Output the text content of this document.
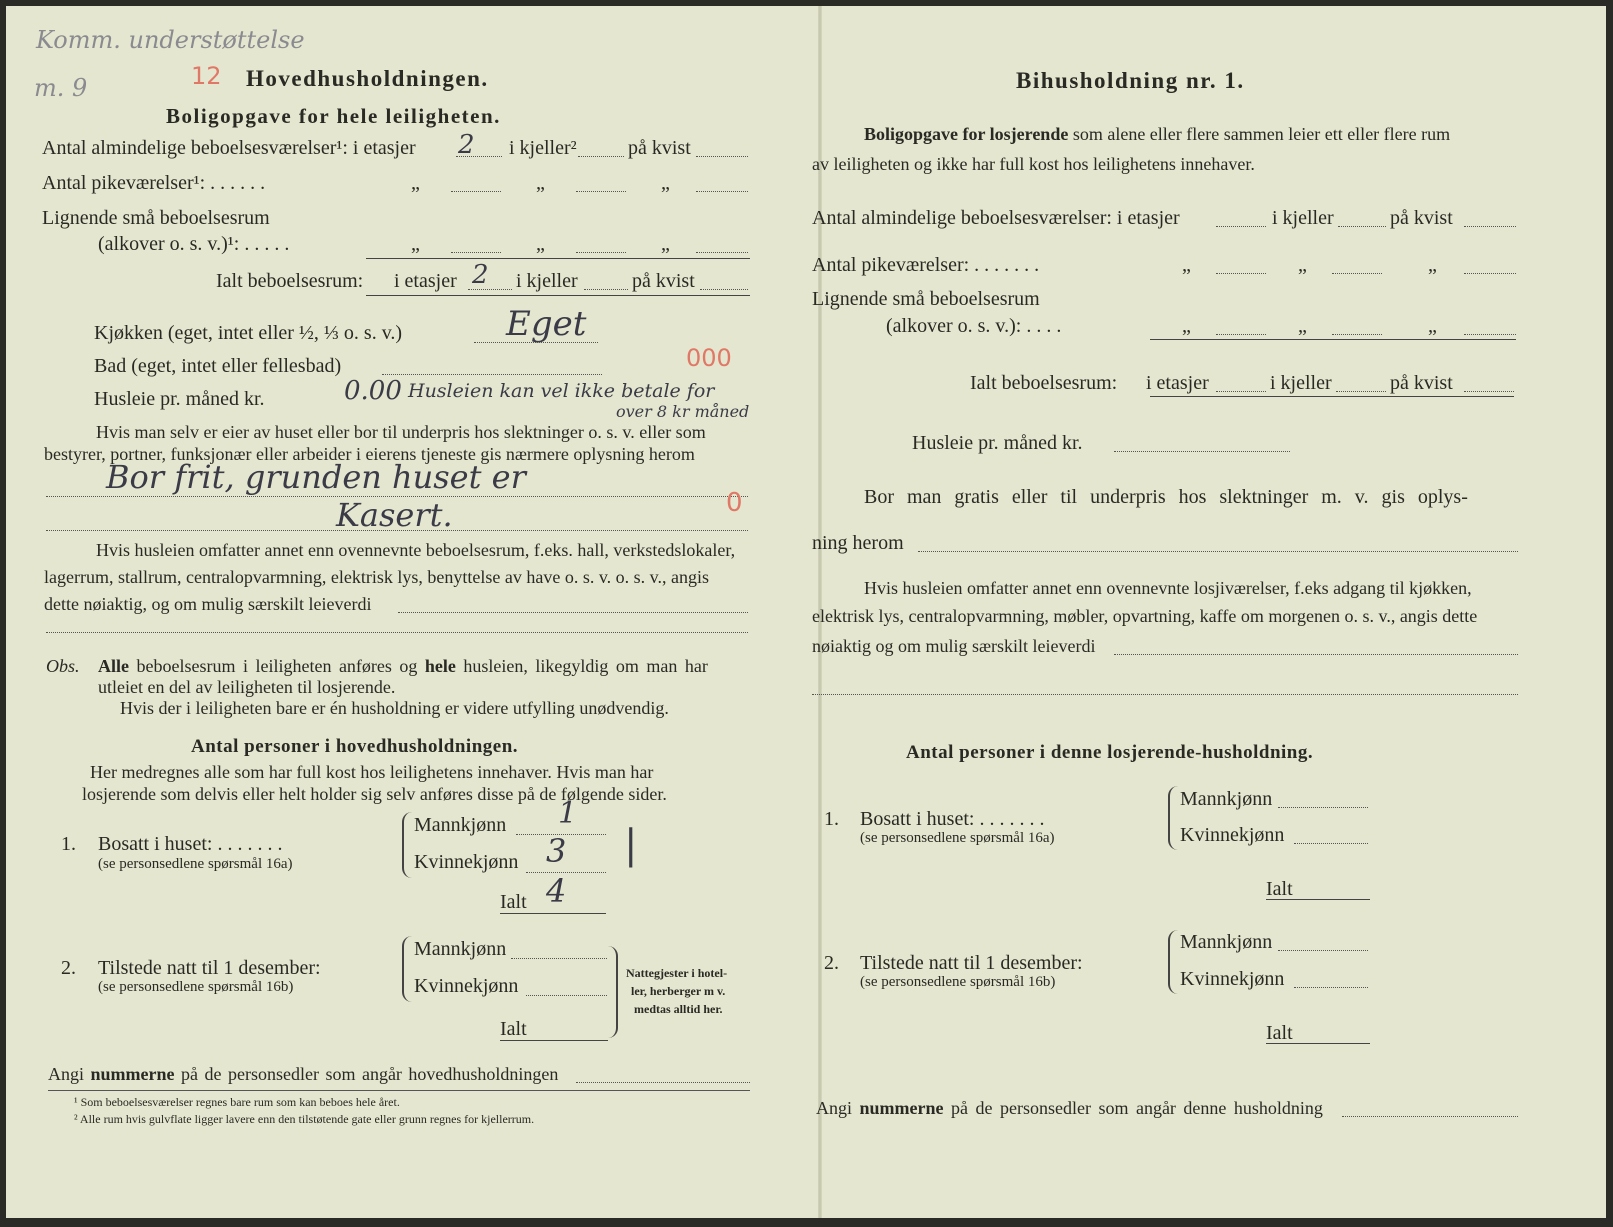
Komm. understøttelse
m. 9	12 Hovedhusholdningen.
Boligopgave for hele leiligheten.
Antal almindelige beboelsesværelser¹: i etasjer 2 i kjeller²	på kvist
Antal pikeværelser¹: . . . . . .	„	„	„
Lignende små beboelsesrum
(alkover o. s. v.)¹: . . . . .	„	„	„
Ialt beboelsesrum: i etasjer 2 i kjeller	på kvist
Kjøkken (eget, intet eller ½, ⅓ o. s. v.)	Eget
Bad (eget, intet eller fellesbad)	000
Husleie pr. måned kr.	0.00 Husleien kan vel ikke betale for
over 8 kr måned
Hvis man selv er eier av huset eller bor til underpris hos slektninger o. s. v. eller som
bestyrer, portner, funksjonær eller arbeider i eierens tjeneste gis nærmere oplysning herom
Bor frit, grunden huset er
Kasert.	0
Hvis husleien omfatter annet enn ovennevnte beboelsesrum, f.eks. hall, verkstedslokaler,
lagerrum, stallrum, centralopvarmning, elektrisk lys, benyttelse av have o. s. v. o. s. v., angis
dette nøiaktig, og om mulig særskilt leieverdi
Obs. Alle beboelsesrum i leiligheten anføres og hele husleien, likegyldig om man har
utleiet en del av leiligheten til losjerende.
Hvis der i leiligheten bare er én husholdning er videre utfylling unødvendig.
Antal personer i hovedhusholdningen.
Her medregnes alle som har full kost hos leilighetens innehaver. Hvis man har
losjerende som delvis eller helt holder sig selv anføres disse på de følgende sider.
1. Bosatt i huset: . . . . . . .
(se personsedlene spørsmål 16a)
Mannkjønn 1
Kvinnekjønn 3 |
Ialt 4
2. Tilstede natt til 1 desember:
(se personsedlene spørsmål 16b)
Mannkjønn
Kvinnekjønn
Ialt
Nattegjester i hotel-
ler, herberger m v.
medtas alltid her.
Angi nummerne på de personsedler som angår hovedhusholdningen
¹ Som beboelsesværelser regnes bare rum som kan beboes hele året.
² Alle rum hvis gulvflate ligger lavere enn den tilstøtende gate eller grunn regnes for kjellerrum.
Bihusholdning nr. 1.
Boligopgave for losjerende som alene eller flere sammen leier ett eller flere rum
av leiligheten og ikke har full kost hos leilighetens innehaver.
Antal almindelige beboelsesværelser: i etasjer	i kjeller	på kvist
Antal pikeværelser: . . . . . . .	„	„	„
Lignende små beboelsesrum
(alkover o. s. v.): . . . .	„	„	„
Ialt beboelsesrum: i etasjer	i kjeller	på kvist
Husleie pr. måned kr.
Bor man gratis eller til underpris hos slektninger m. v. gis oplys-
ning herom
Hvis husleien omfatter annet enn ovennevnte losjiværelser, f.eks adgang til kjøkken,
elektrisk lys, centralopvarmning, møbler, opvartning, kaffe om morgenen o. s. v., angis dette
nøiaktig og om mulig særskilt leieverdi
Antal personer i denne losjerende-husholdning.
1. Bosatt i huset: . . . . . . .
(se personsedlene spørsmål 16a)
Mannkjønn
Kvinnekjønn
Ialt
2. Tilstede natt til 1 desember:
(se personsedlene spørsmål 16b)
Mannkjønn
Kvinnekjønn
Ialt
Angi nummerne på de personsedler som angår denne husholdning
